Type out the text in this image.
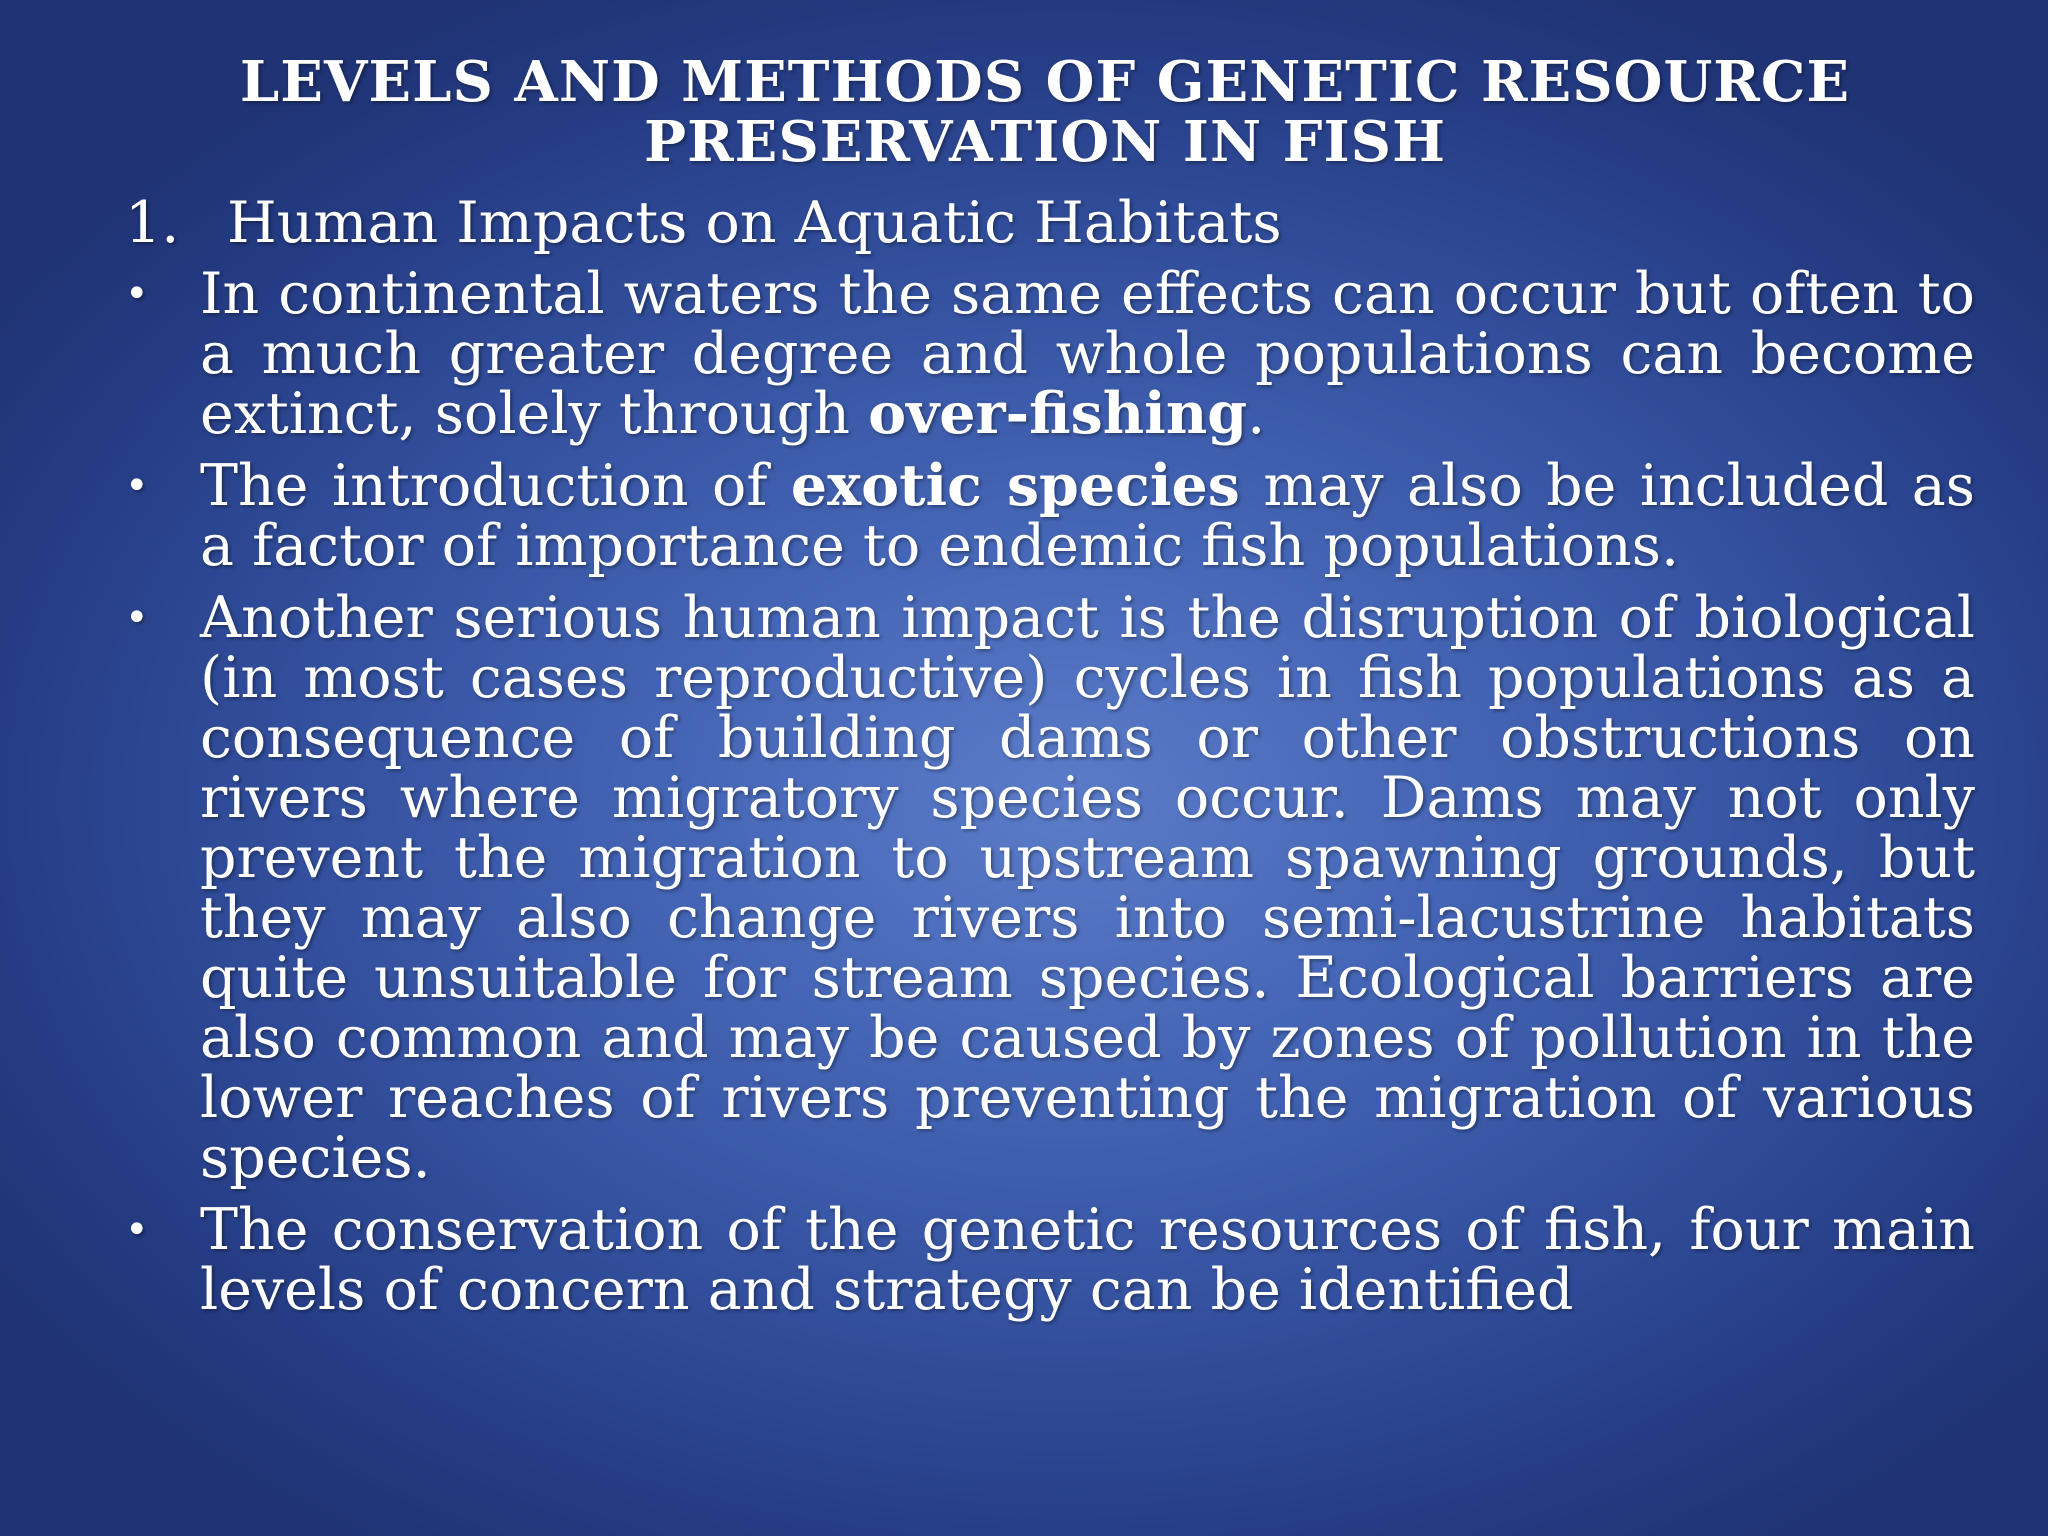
LEVELS AND METHODS OF GENETIC RESOURCE
PRESERVATION IN FISH
1. Human Impacts on Aquatic Habitats
• In continental waters the same effects can occur but often to a much greater degree and whole populations can become extinct, solely through over-fishing.
• The introduction of exotic species may also be included as a factor of importance to endemic fish populations.
• Another serious human impact is the disruption of biological (in most cases reproductive) cycles in fish populations as a consequence of building dams or other obstructions on rivers where migratory species occur. Dams may not only prevent the migration to upstream spawning grounds, but they may also change rivers into semi-lacustrine habitats quite unsuitable for stream species. Ecological barriers are also common and may be caused by zones of pollution in the lower reaches of rivers preventing the migration of various species.
• The conservation of the genetic resources of fish, four main levels of concern and strategy can be identified
